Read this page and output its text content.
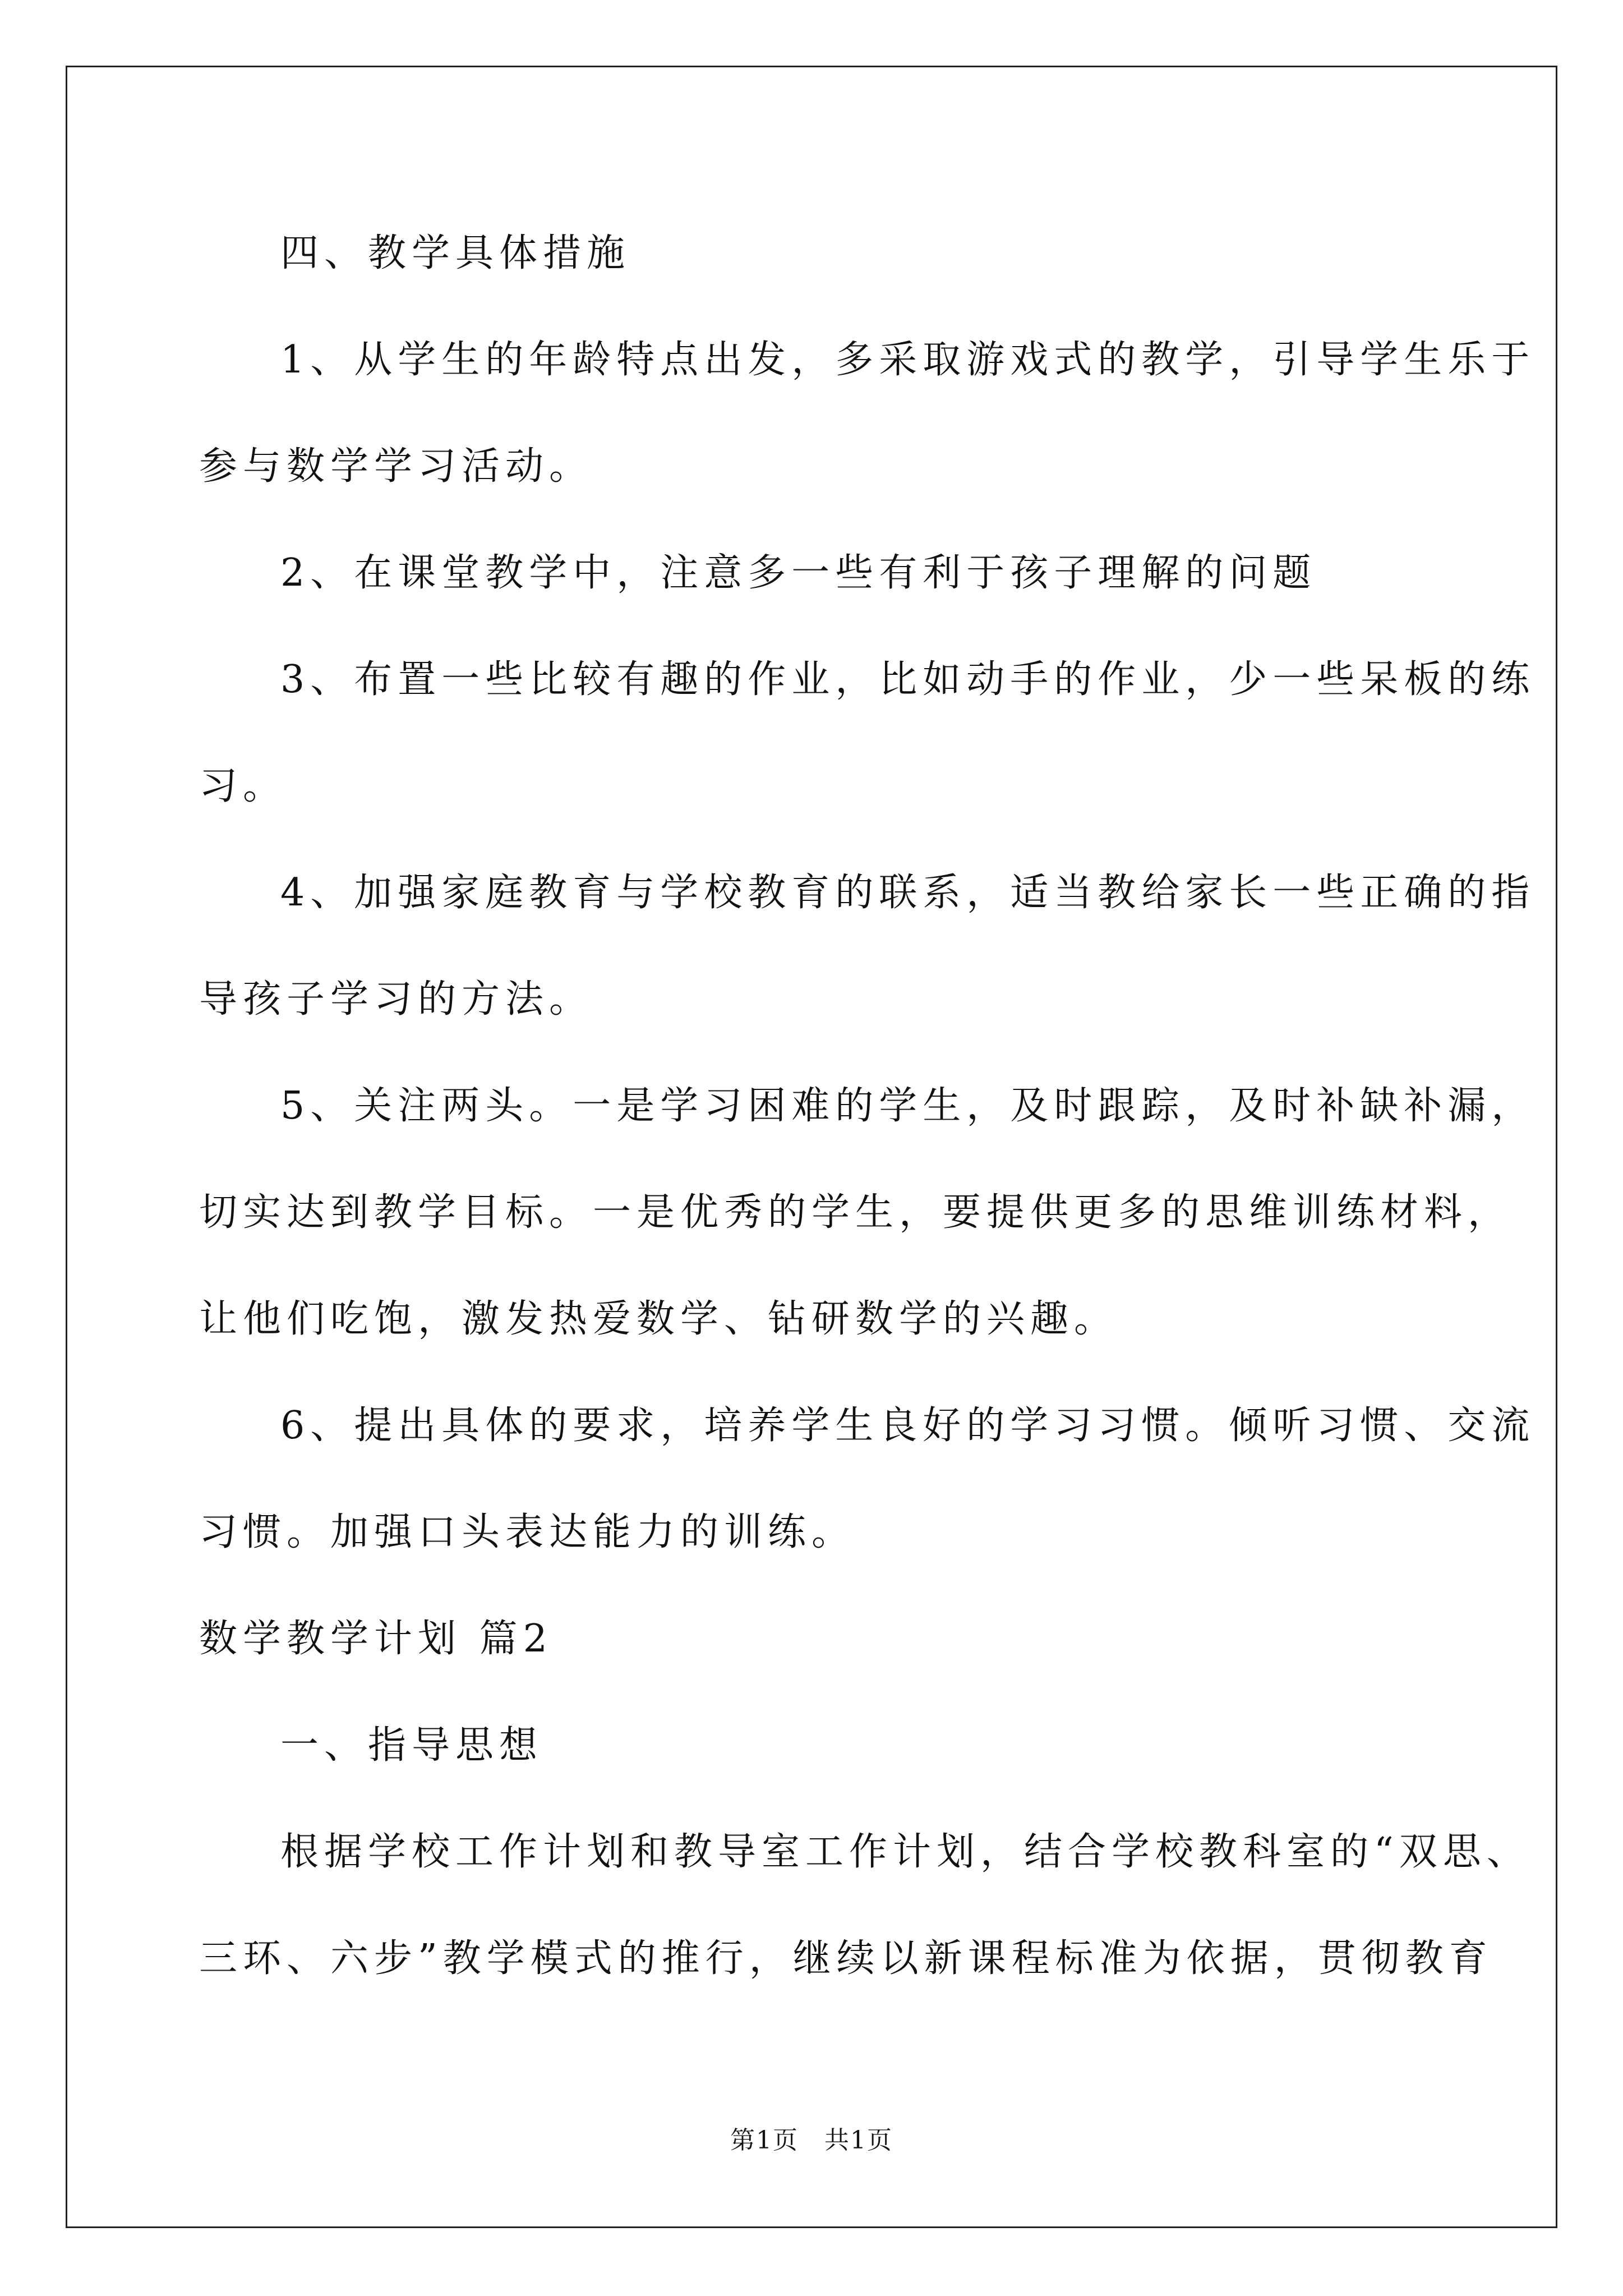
四、教学具体措施
1、从学生的年龄特点出发，多采取游戏式的教学，引导学生乐于
参与数学学习活动。
2、在课堂教学中，注意多一些有利于孩子理解的问题
3、布置一些比较有趣的作业，比如动手的作业，少一些呆板的练
习。
4、加强家庭教育与学校教育的联系，适当教给家长一些正确的指
导孩子学习的方法。
5、关注两头。一是学习困难的学生，及时跟踪，及时补缺补漏，
切实达到教学目标。一是优秀的学生，要提供更多的思维训练材料，
让他们吃饱，激发热爱数学、钻研数学的兴趣。
6、提出具体的要求，培养学生良好的学习习惯。倾听习惯、交流
习惯。加强口头表达能力的训练。
数学教学计划 篇2
一、指导思想
根据学校工作计划和教导室工作计划，结合学校教科室的“双思、
三环、六步”教学模式的推行，继续以新课程标准为依据，贯彻教育
第1页　共1页
